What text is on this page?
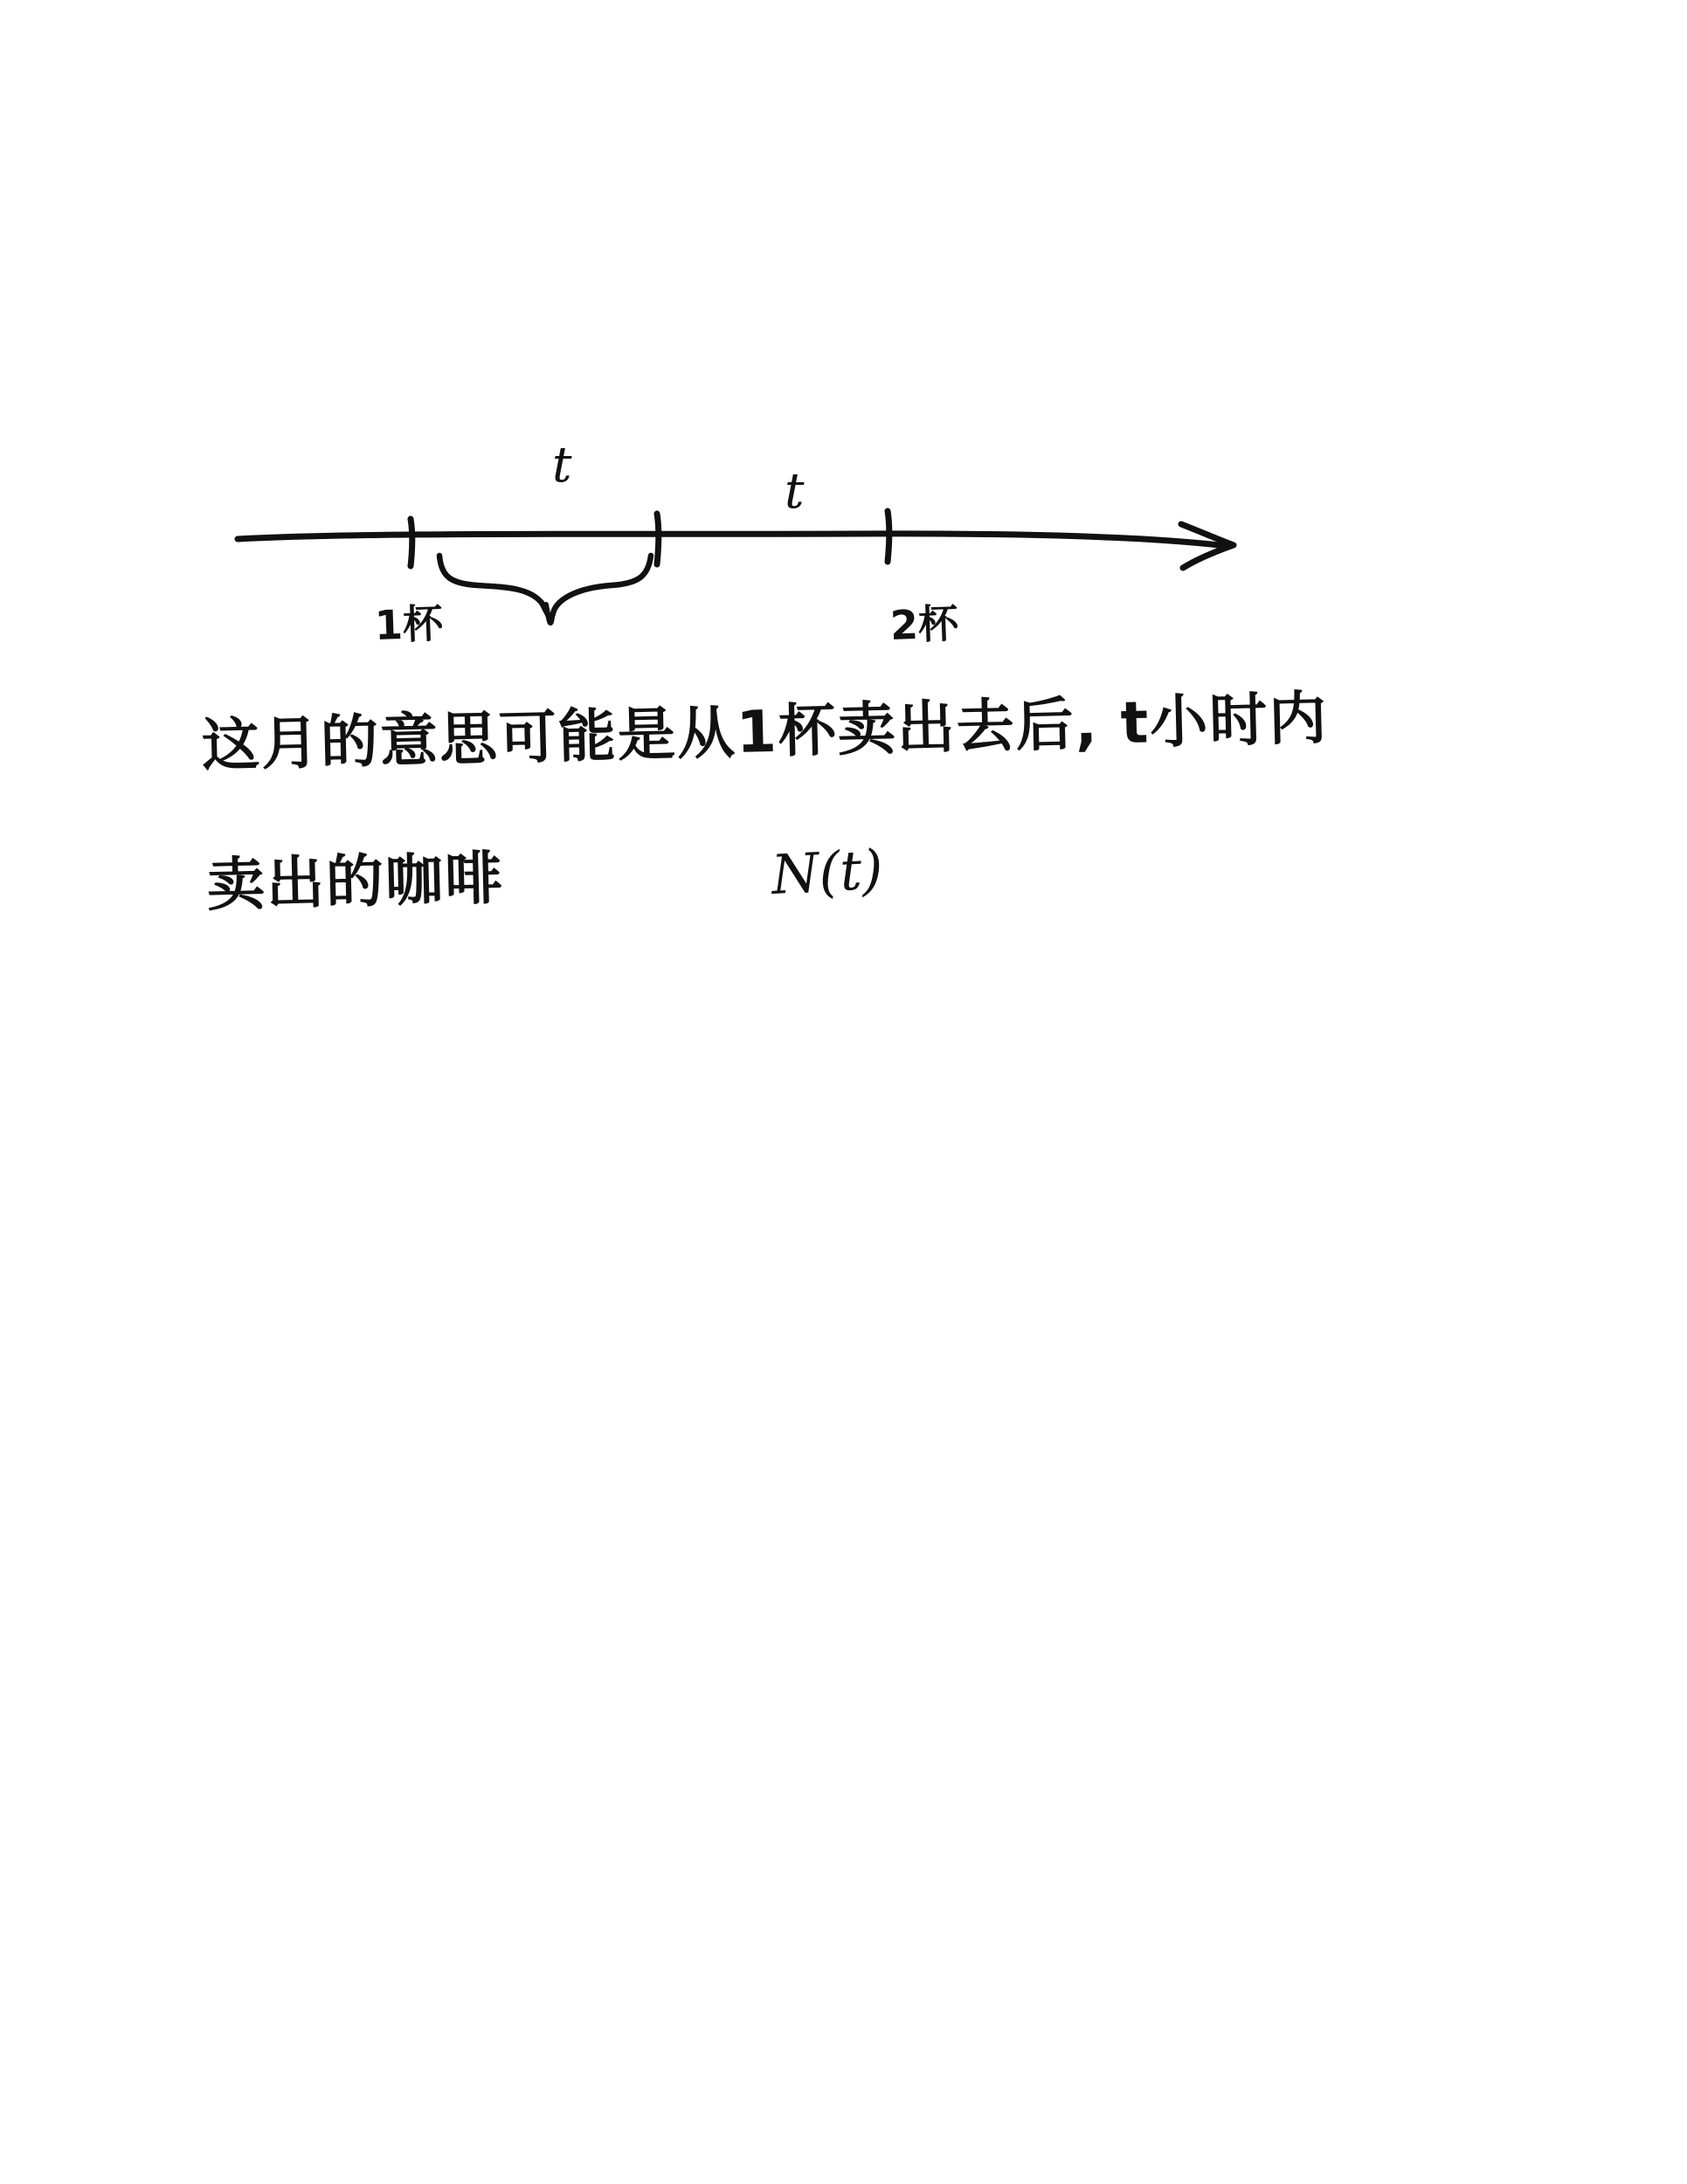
t	t
1杯	2杯
这月的意思可能是从1杯卖出去后, t小时内
卖出的咖啡	N(t)
